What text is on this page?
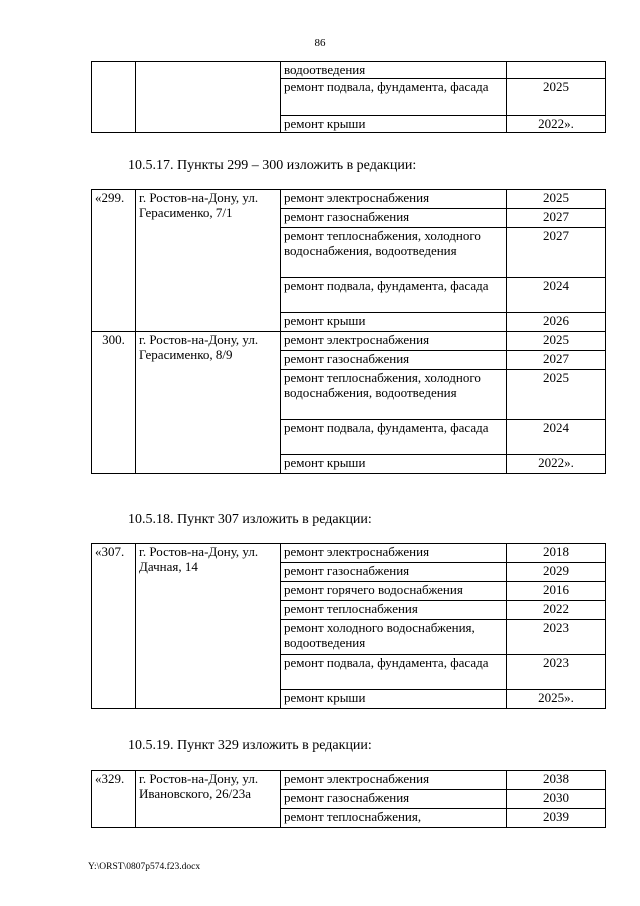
86
		водоотведения	
		ремонт подвала, фундамента, фасада	2025
		ремонт крыши	2022».
10.5.17. Пункты 299 – 300 изложить в редакции:
«299.	г. Ростов-на-Дону, ул. Герасименко, 7/1	ремонт электроснабжения	2025
		ремонт газоснабжения	2027
		ремонт теплоснабжения, холодного водоснабжения, водоотведения	2027
		ремонт подвала, фундамента, фасада	2024
		ремонт крыши	2026
300.	г. Ростов-на-Дону, ул. Герасименко, 8/9	ремонт электроснабжения	2025
		ремонт газоснабжения	2027
		ремонт теплоснабжения, холодного водоснабжения, водоотведения	2025
		ремонт подвала, фундамента, фасада	2024
		ремонт крыши	2022».
10.5.18. Пункт 307 изложить в редакции:
«307.	г. Ростов-на-Дону, ул. Дачная, 14	ремонт электроснабжения	2018
		ремонт газоснабжения	2029
		ремонт горячего водоснабжения	2016
		ремонт теплоснабжения	2022
		ремонт холодного водоснабжения, водоотведения	2023
		ремонт подвала, фундамента, фасада	2023
		ремонт крыши	2025».
10.5.19. Пункт 329 изложить в редакции:
«329.	г. Ростов-на-Дону, ул. Ивановского, 26/23а	ремонт электроснабжения	2038
		ремонт газоснабжения	2030
		ремонт теплоснабжения,	2039
Y:\ORST\0807p574.f23.docx
